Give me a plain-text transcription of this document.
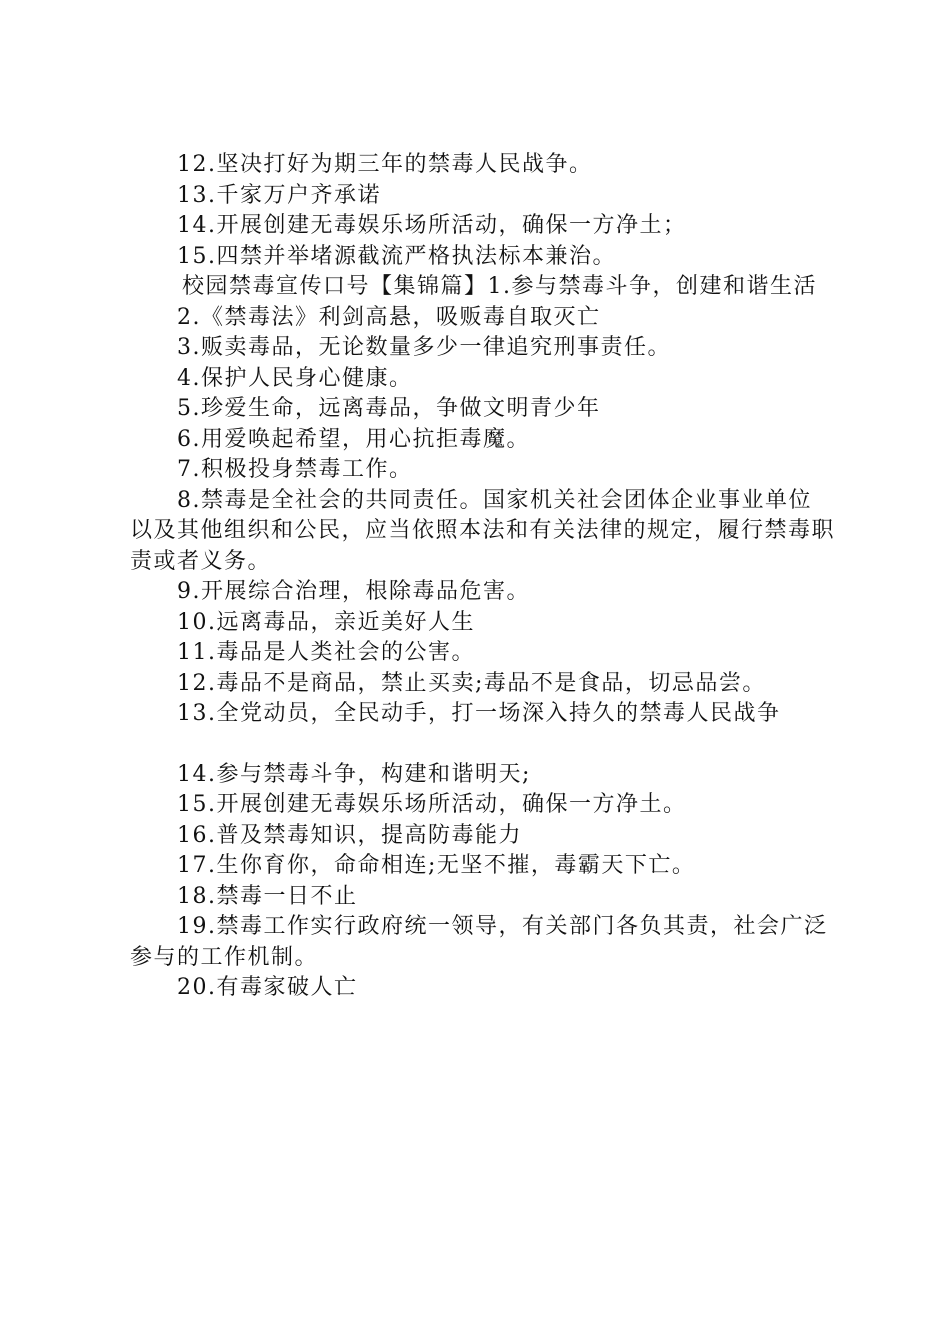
12.坚决打好为期三年的禁毒人民战争。

13.千家万户齐承诺

14.开展创建无毒娱乐场所活动，确保一方净土；

15.四禁并举堵源截流严格执法标本兼治。

校园禁毒宣传口号【集锦篇】1.参与禁毒斗争，创建和谐生活

2.《禁毒法》利剑高悬，吸贩毒自取灭亡

3.贩卖毒品，无论数量多少一律追究刑事责任。

4.保护人民身心健康。

5.珍爱生命，远离毒品，争做文明青少年

6.用爱唤起希望，用心抗拒毒魔。

7.积极投身禁毒工作。

8.禁毒是全社会的共同责任。国家机关社会团体企业事业单位以及其他组织和公民，应当依照本法和有关法律的规定，履行禁毒职责或者义务。

9.开展综合治理，根除毒品危害。

10.远离毒品，亲近美好人生

11.毒品是人类社会的公害。

12.毒品不是商品，禁止买卖;毒品不是食品，切忌品尝。

13.全党动员，全民动手，打一场深入持久的禁毒人民战争

14.参与禁毒斗争，构建和谐明天;

15.开展创建无毒娱乐场所活动，确保一方净土。

16.普及禁毒知识，提高防毒能力

17.生你育你，命命相连;无坚不摧，毒霸天下亡。

18.禁毒一日不止

19.禁毒工作实行政府统一领导，有关部门各负其责，社会广泛参与的工作机制。

20.有毒家破人亡
